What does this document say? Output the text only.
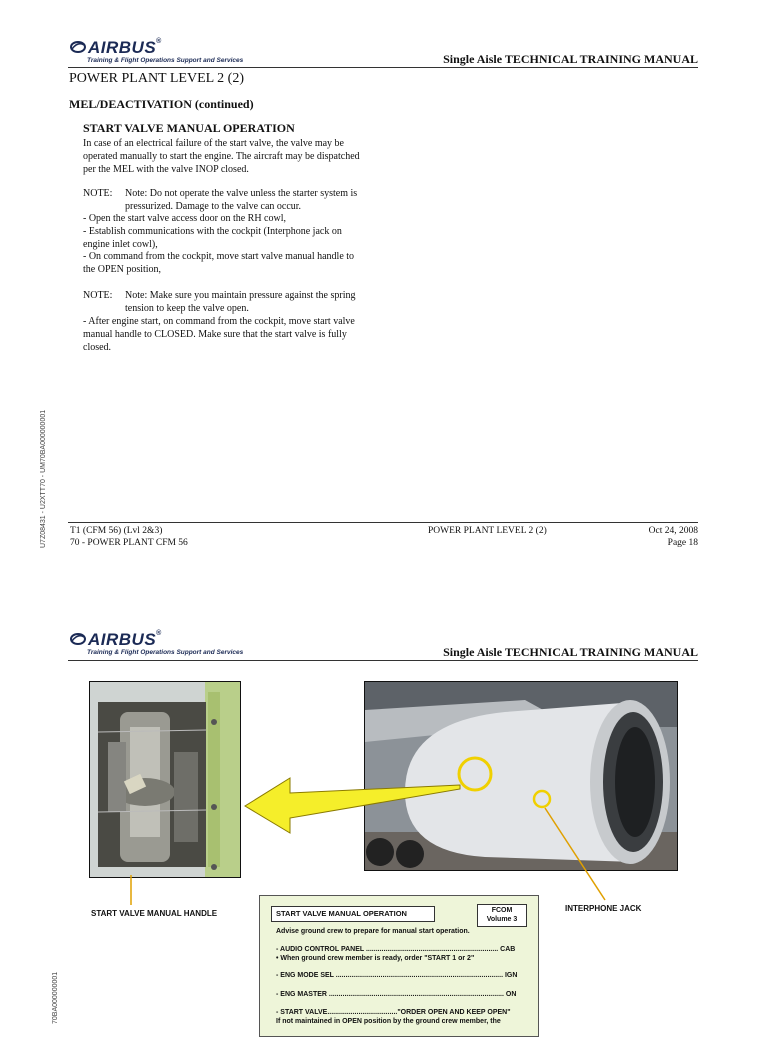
AIRBUS®
Training & Flight Operations Support and Services	Single Aisle TECHNICAL TRAINING MANUAL
POWER PLANT LEVEL 2 (2)
MEL/DEACTIVATION (continued)
START VALVE MANUAL OPERATION
In case of an electrical failure of the start valve, the valve may be
operated manually to start the engine. The aircraft may be dispatched
per the MEL with the valve INOP closed.
NOTE: Note: Do not operate the valve unless the starter system is
pressurized. Damage to the valve can occur.
- Open the start valve access door on the RH cowl,
- Establish communications with the cockpit (Interphone jack on
engine inlet cowl),
- On command from the cockpit, move start valve manual handle to
the OPEN position,
NOTE: Note: Make sure you maintain pressure against the spring
tension to keep the valve open.
- After engine start, on command from the cockpit, move start valve
manual handle to CLOSED. Make sure that the start valve is fully
closed.
U7Z08431 - U2XTT70 - UM70BA000000001 T1 (CFM 56) (Lvl 2&3)
70 - POWER PLANT CFM 56
POWER PLANT LEVEL 2 (2)	Oct 24, 2008
Page 18
AIRBUS®
Training & Flight Operations Support and Services	Single Aisle TECHNICAL TRAINING MANUAL
START VALVE MANUAL HANDLE
INTERPHONE JACK
START VALVE MANUAL OPERATION	FCOM
Volume 3
Advise ground crew to prepare for manual start operation.
- AUDIO CONTROL PANEL .................................................................... CAB
• When ground crew member is ready, order "START 1 or 2"
- ENG MODE SEL ...................................................................................... IGN
- ENG MASTER .......................................................................................... ON
- START VALVE...................................."ORDER OPEN AND KEEP OPEN"
If not maintained in OPEN position by the ground crew member, the
70BA000000001
